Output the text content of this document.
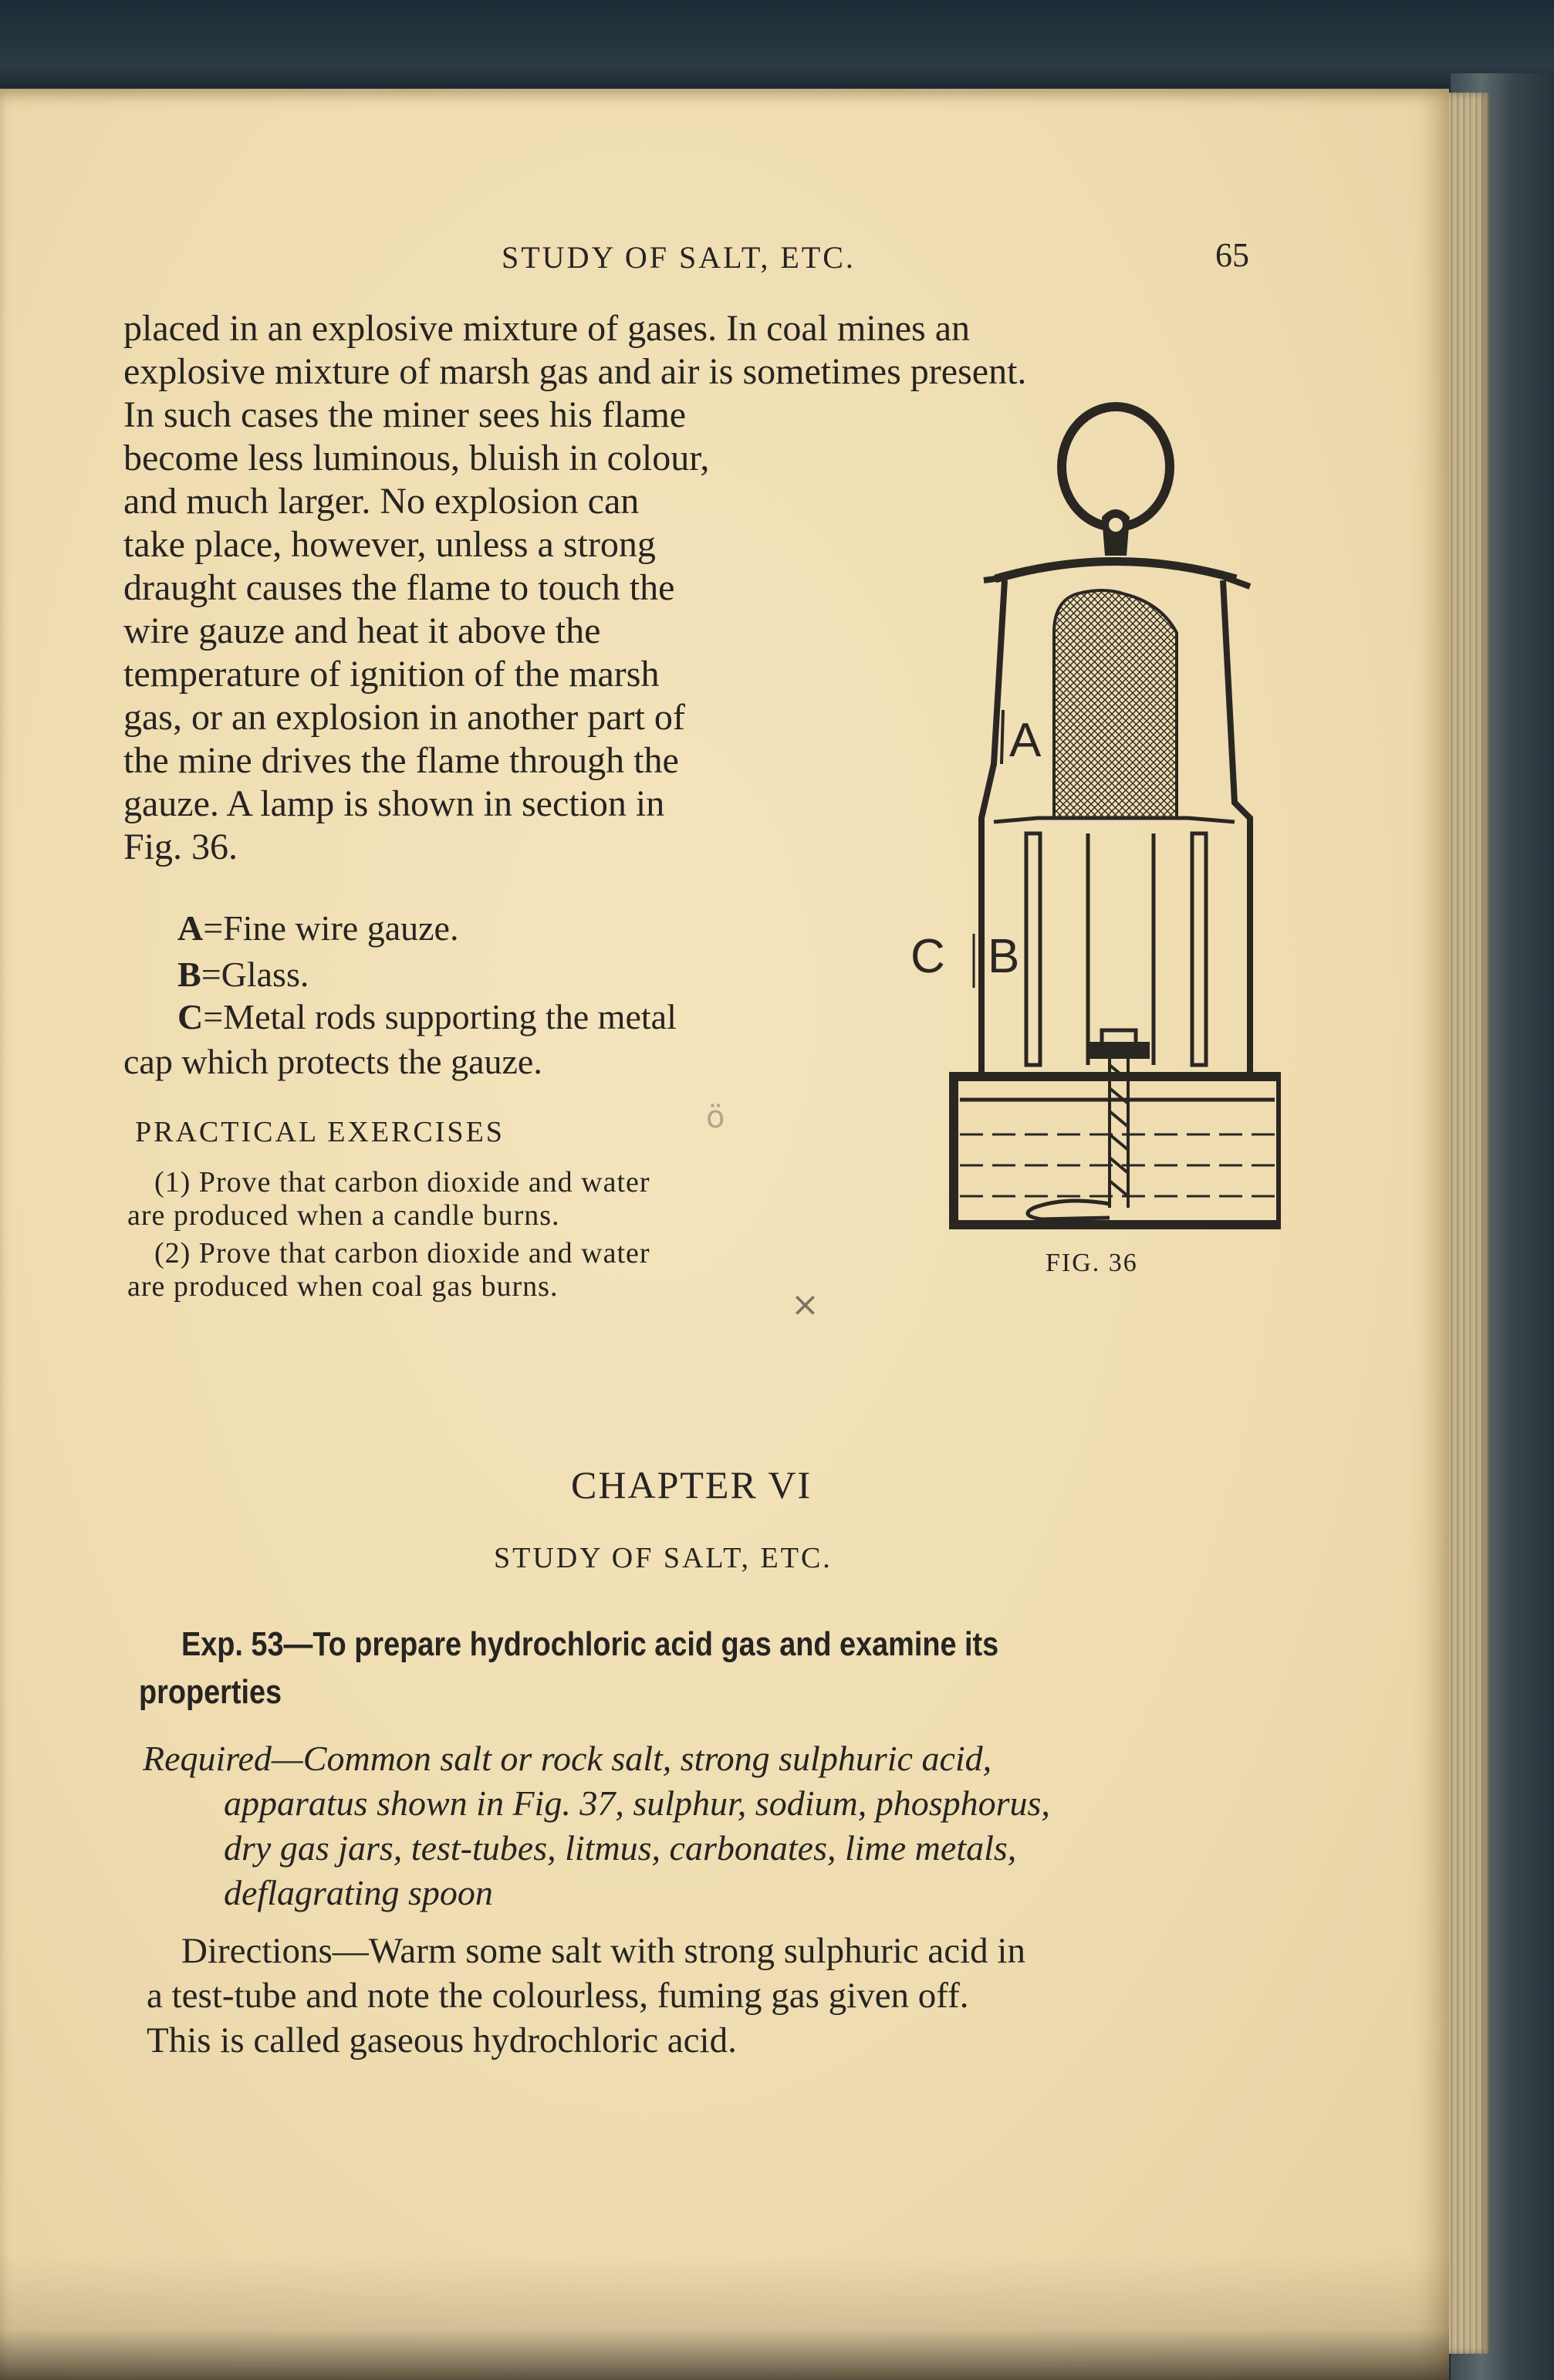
STUDY OF SALT, ETC.	65
placed in an explosive mixture of gases. In coal mines an
explosive mixture of marsh gas and air is sometimes present.
In such cases the miner sees his flame
become less luminous, bluish in colour,
and much larger. No explosion can
take place, however, unless a strong
draught causes the flame to touch the
wire gauze and heat it above the
temperature of ignition of the marsh
gas, or an explosion in another part of
the mine drives the flame through the
gauze. A lamp is shown in section in
Fig. 36.
A=Fine wire gauze.
B=Glass.
C=Metal rods supporting the metal
cap which protects the gauze.
PRACTICAL EXERCISES
(1) Prove that carbon dioxide and water
are produced when a candle burns.
(2) Prove that carbon dioxide and water
are produced when coal gas burns.	×
ö
A
B
C
FIG. 36
CHAPTER VI
STUDY OF SALT, ETC.
Exp. 53—To prepare hydrochloric acid gas and examine its
properties
Required—Common salt or rock salt, strong sulphuric acid,
apparatus shown in Fig. 37, sulphur, sodium, phosphorus,
dry gas jars, test-tubes, litmus, carbonates, lime metals,
deflagrating spoon
Directions—Warm some salt with strong sulphuric acid in
a test-tube and note the colourless, fuming gas given off.
This is called gaseous hydrochloric acid.
